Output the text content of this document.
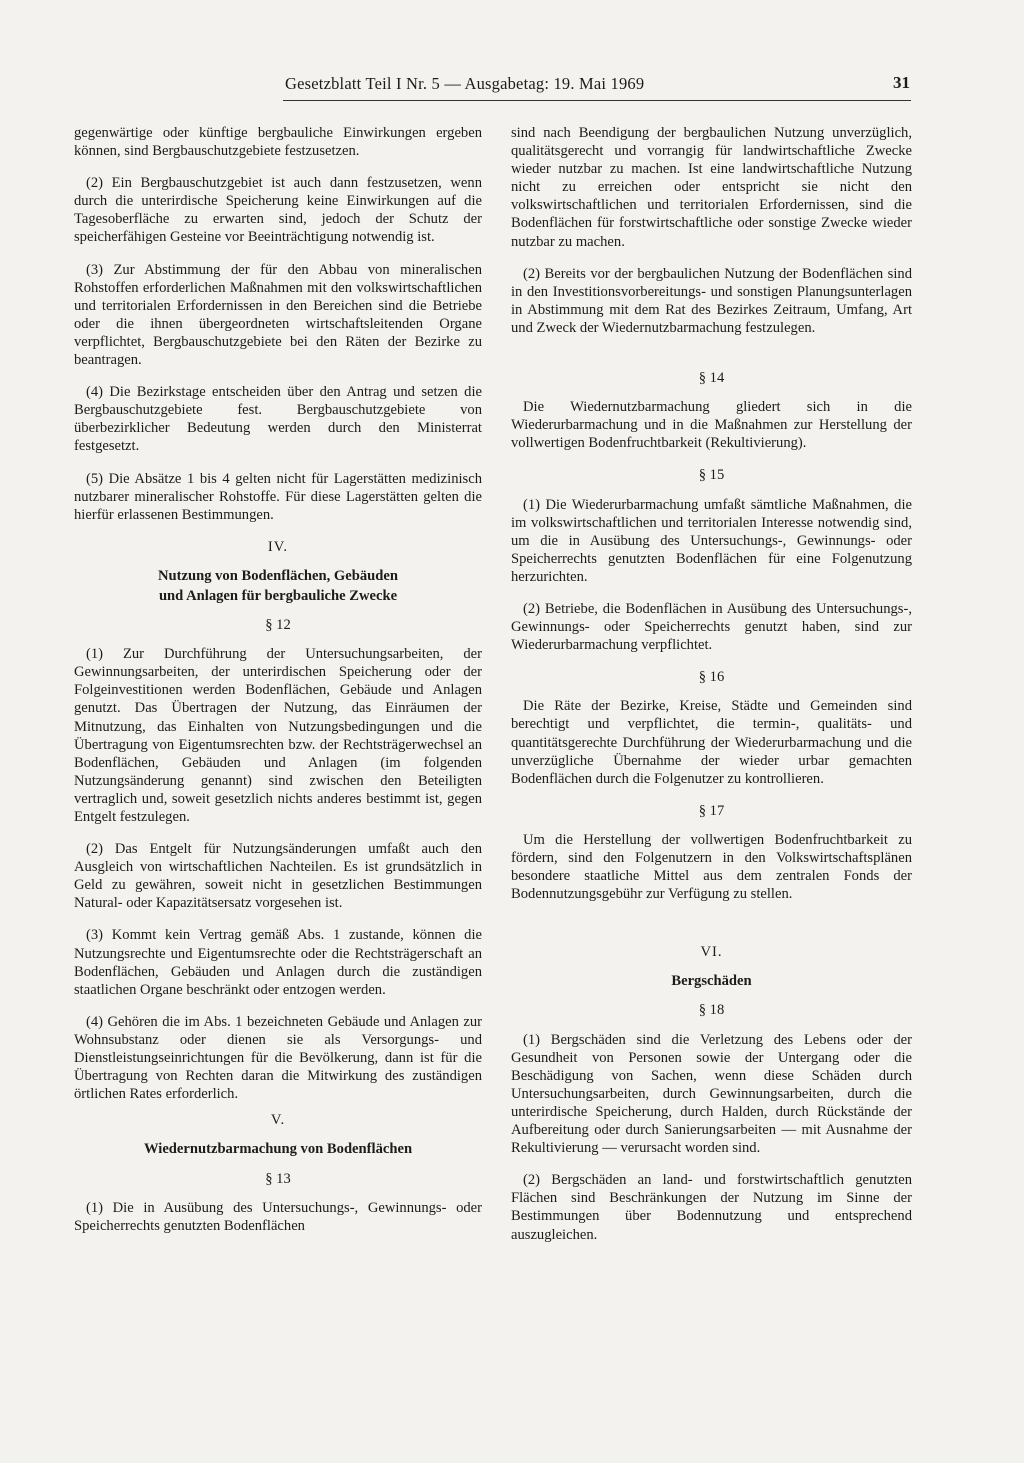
Gesetzblatt Teil I Nr. 5 — Ausgabetag: 19. Mai 1969	31

gegenwärtige oder künftige bergbauliche Einwirkungen ergeben können, sind Bergbauschutzgebiete festzusetzen.

(2) Ein Bergbauschutzgebiet ist auch dann festzusetzen, wenn durch die unterirdische Speicherung keine Einwirkungen auf die Tagesoberfläche zu erwarten sind, jedoch der Schutz der speicherfähigen Gesteine vor Beeinträchtigung notwendig ist.

(3) Zur Abstimmung der für den Abbau von mineralischen Rohstoffen erforderlichen Maßnahmen mit den volkswirtschaftlichen und territorialen Erfordernissen in den Bereichen sind die Betriebe oder die ihnen übergeordneten wirtschaftsleitenden Organe verpflichtet, Bergbauschutzgebiete bei den Räten der Bezirke zu beantragen.

(4) Die Bezirkstage entscheiden über den Antrag und setzen die Bergbauschutzgebiete fest. Bergbauschutzgebiete von überbezirklicher Bedeutung werden durch den Ministerrat festgesetzt.

(5) Die Absätze 1 bis 4 gelten nicht für Lagerstätten medizinisch nutzbarer mineralischer Rohstoffe. Für diese Lagerstätten gelten die hierfür erlassenen Bestimmungen.

IV.
Nutzung von Bodenflächen, Gebäuden
und Anlagen für bergbauliche Zwecke
§ 12

(1) Zur Durchführung der Untersuchungsarbeiten, der Gewinnungsarbeiten, der unterirdischen Speicherung oder der Folgeinvestitionen werden Bodenflächen, Gebäude und Anlagen genutzt. Das Übertragen der Nutzung, das Einräumen der Mitnutzung, das Einhalten von Nutzungsbedingungen und die Übertragung von Eigentumsrechten bzw. der Rechtsträgerwechsel an Bodenflächen, Gebäuden und Anlagen (im folgenden Nutzungsänderung genannt) sind zwischen den Beteiligten vertraglich und, soweit gesetzlich nichts anderes bestimmt ist, gegen Entgelt festzulegen.

(2) Das Entgelt für Nutzungsänderungen umfaßt auch den Ausgleich von wirtschaftlichen Nachteilen. Es ist grundsätzlich in Geld zu gewähren, soweit nicht in gesetzlichen Bestimmungen Natural- oder Kapazitätsersatz vorgesehen ist.

(3) Kommt kein Vertrag gemäß Abs. 1 zustande, können die Nutzungsrechte und Eigentumsrechte oder die Rechtsträgerschaft an Bodenflächen, Gebäuden und Anlagen durch die zuständigen staatlichen Organe beschränkt oder entzogen werden.

(4) Gehören die im Abs. 1 bezeichneten Gebäude und Anlagen zur Wohnsubstanz oder dienen sie als Versorgungs- und Dienstleistungseinrichtungen für die Bevölkerung, dann ist für die Übertragung von Rechten daran die Mitwirkung des zuständigen örtlichen Rates erforderlich.

V.
Wiedernutzbarmachung von Bodenflächen
§ 13

(1) Die in Ausübung des Untersuchungs-, Gewinnungs- oder Speicherrechts genutzten Bodenflächen

sind nach Beendigung der bergbaulichen Nutzung unverzüglich, qualitätsgerecht und vorrangig für landwirtschaftliche Zwecke wieder nutzbar zu machen. Ist eine landwirtschaftliche Nutzung nicht zu erreichen oder entspricht sie nicht den volkswirtschaftlichen und territorialen Erfordernissen, sind die Bodenflächen für forstwirtschaftliche oder sonstige Zwecke wieder nutzbar zu machen.

(2) Bereits vor der bergbaulichen Nutzung der Bodenflächen sind in den Investitionsvorbereitungs- und sonstigen Planungsunterlagen in Abstimmung mit dem Rat des Bezirkes Zeitraum, Umfang, Art und Zweck der Wiedernutzbarmachung festzulegen.

§ 14

Die Wiedernutzbarmachung gliedert sich in die Wiederurbarmachung und in die Maßnahmen zur Herstellung der vollwertigen Bodenfruchtbarkeit (Rekultivierung).

§ 15

(1) Die Wiederurbarmachung umfaßt sämtliche Maßnahmen, die im volkswirtschaftlichen und territorialen Interesse notwendig sind, um die in Ausübung des Untersuchungs-, Gewinnungs- oder Speicherrechts genutzten Bodenflächen für eine Folgenutzung herzurichten.

(2) Betriebe, die Bodenflächen in Ausübung des Untersuchungs-, Gewinnungs- oder Speicherrechts genutzt haben, sind zur Wiederurbarmachung verpflichtet.

§ 16

Die Räte der Bezirke, Kreise, Städte und Gemeinden sind berechtigt und verpflichtet, die termin-, qualitäts- und quantitätsgerechte Durchführung der Wiederurbarmachung und die unverzügliche Übernahme der wieder urbar gemachten Bodenflächen durch die Folgenutzer zu kontrollieren.

§ 17

Um die Herstellung der vollwertigen Bodenfruchtbarkeit zu fördern, sind den Folgenutzern in den Volkswirtschaftsplänen besondere staatliche Mittel aus dem zentralen Fonds der Bodennutzungsgebühr zur Verfügung zu stellen.

VI.
Bergschäden
§ 18

(1) Bergschäden sind die Verletzung des Lebens oder der Gesundheit von Personen sowie der Untergang oder die Beschädigung von Sachen, wenn diese Schäden durch Untersuchungsarbeiten, durch Gewinnungsarbeiten, durch die unterirdische Speicherung, durch Halden, durch Rückstände der Aufbereitung oder durch Sanierungsarbeiten — mit Ausnahme der Rekultivierung — verursacht worden sind.

(2) Bergschäden an land- und forstwirtschaftlich genutzten Flächen sind Beschränkungen der Nutzung im Sinne der Bestimmungen über Bodennutzung und entsprechend auszugleichen.
